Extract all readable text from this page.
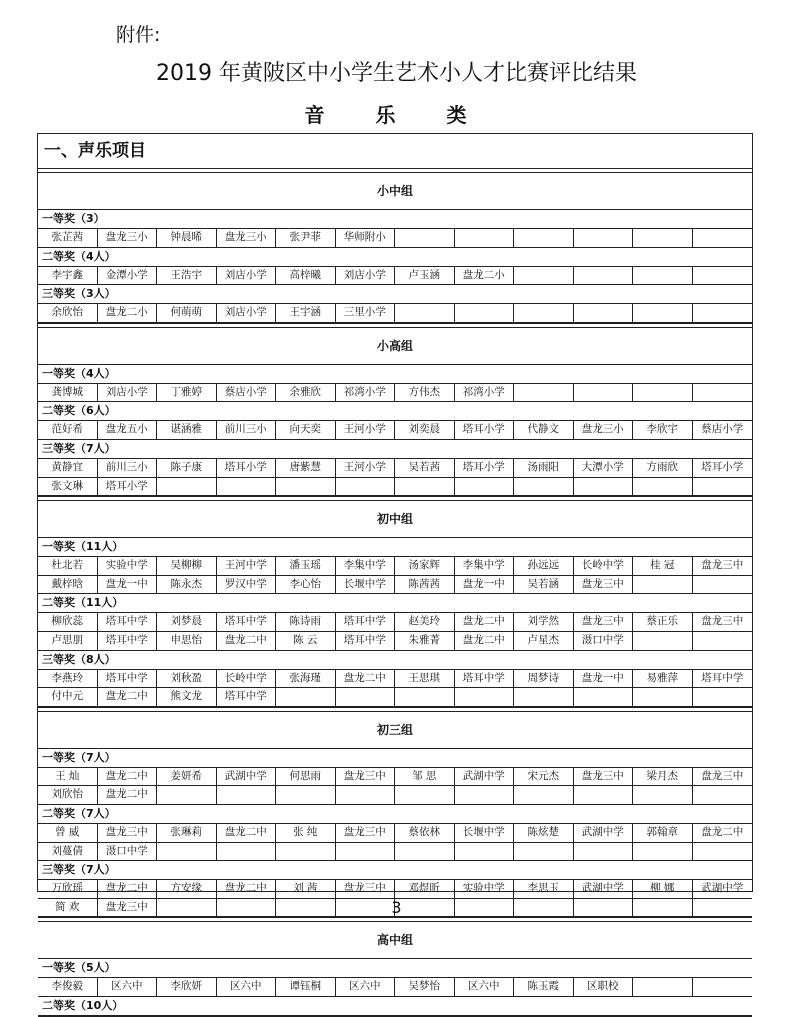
附件:
2019 年黄陂区中小学生艺术小人才比赛评比结果
音 乐 类
一、声乐项目
小中组
一等奖（3）
张芷茜	盘龙三小	钟晨晞	盘龙三小	张尹菲	华师附小
二等奖（4人）
李宇鑫	金潭小学	王浩宇	刘店小学	高梓曦	刘店小学	卢玉涵	盘龙二小
三等奖（3人）
余欣怡	盘龙二小	何萌萌	刘店小学	王宇涵	三里小学
小高组
一等奖（4人）
龚博城	刘店小学	丁雅婷	蔡店小学	余雅欣	祁湾小学	方伟杰	祁湾小学
二等奖（6人）
范好希	盘龙五小	谌涵雅	前川三小	向天奕	王河小学	刘奕晨	塔耳小学	代静文	盘龙三小	李欣宇	蔡店小学
三等奖（7人）
黄静宜	前川三小	陈子康	塔耳小学	唐紫慧	王河小学	吴若茜	塔耳小学	汤雨阳	大潭小学	方雨欣	塔耳小学
张文琳	塔耳小学
初中组
一等奖（11人）
杜北若	实验中学	吴柳柳	王河中学	潘玉瑶	李集中学	汤家辉	李集中学	孙远远	长岭中学	桂 冠	盘龙三中
戴梓晗	盘龙一中	陈永杰	罗汉中学	李心怡	长堰中学	陈茜茜	盘龙一中	吴若涵	盘龙三中
二等奖（11人）
柳欣蕊	塔耳中学	刘梦晨	塔耳中学	陈诗雨	塔耳中学	赵美玲	盘龙二中	刘学然	盘龙三中	蔡正乐	盘龙三中
卢思朋	塔耳中学	申思怡	盘龙二中	陈 云	塔耳中学	朱雅菁	盘龙二中	卢星杰	滠口中学
三等奖（8人）
李燕玲	塔耳中学	刘秋盈	长岭中学	张海瑾	盘龙二中	王思琪	塔耳中学	周梦诗	盘龙一中	易雅萍	塔耳中学
付中元	盘龙二中	熊文龙	塔耳中学
初三组
一等奖（7人）
王 灿	盘龙二中	姜妍希	武湖中学	何思雨	盘龙三中	邹 思	武湖中学	宋元杰	盘龙三中	梁月杰	盘龙三中
刘欣怡	盘龙二中
二等奖（7人）
曾 威	盘龙三中	张琳莉	盘龙二中	张 纯	盘龙三中	蔡依林	长堰中学	陈炫楚	武湖中学	郭翰章	盘龙二中
刘蔓倩	滠口中学
三等奖（7人）
万欣瑶	盘龙二中	方安缘	盘龙二中	刘 茜	盘龙三中	邓煜昕	实验中学	李思玉	武湖中学	柳 娜	武湖中学
简 欢	盘龙三中
高中组
一等奖（5人）
李俊毅	区六中	李欣妍	区六中	谭钰桐	区六中	吴梦怡	区六中	陈玉霞	区职校
二等奖（10人）
3
